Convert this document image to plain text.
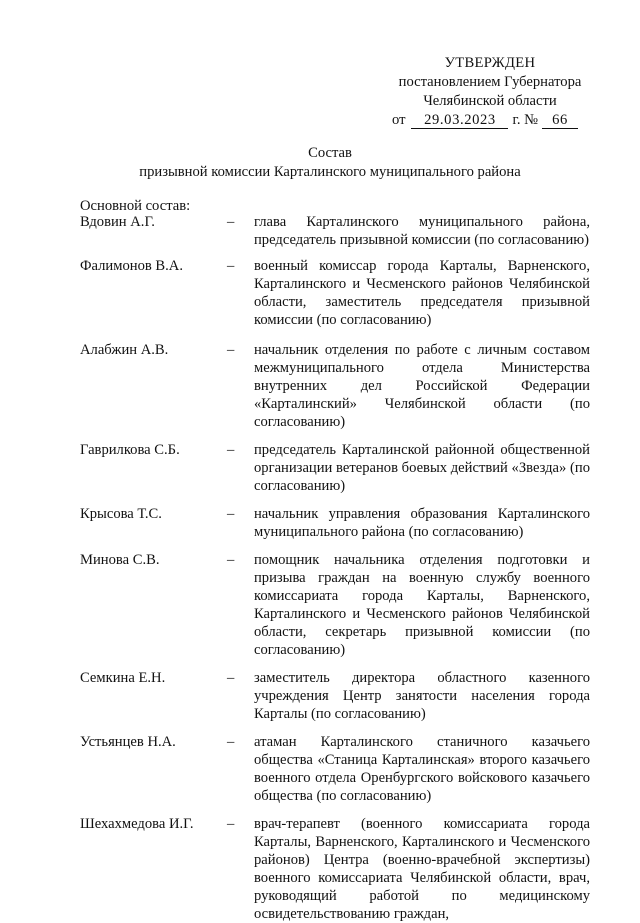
УТВЕРЖДЕН
постановлением Губернатора
Челябинской области
от 29.03.2023 г. № 66
Состав
призывной комиссии Карталинского муниципального района
Основной состав:
Вдовин А.Г.	–	глава Карталинского муниципального района, председатель призывной комиссии (по согласованию)
Фалимонов В.А.	–	военный комиссар города Карталы, Варненского, Карталинского и Чесменского районов Челябинской области, заместитель председателя призывной комиссии (по согласованию)
Алабжин А.В.	–	начальник отделения по работе с личным составом межмуниципального отдела Министерства внутренних дел Российской Федерации «Карталинский» Челябинской области (по согласованию)
Гаврилкова С.Б.	–	председатель Карталинской районной общественной организации ветеранов боевых действий «Звезда» (по согласованию)
Крысова Т.С.	–	начальник управления образования Карталинского муниципального района (по согласованию)
Минова С.В.	–	помощник начальника отделения подготовки и призыва граждан на военную службу военного комиссариата города Карталы, Варненского, Карталинского и Чесменского районов Челябинской области, секретарь призывной комиссии (по согласованию)
Семкина Е.Н.	–	заместитель директора областного казенного учреждения Центр занятости населения города Карталы (по согласованию)
Устьянцев Н.А.	–	атаман Карталинского станичного казачьего общества «Станица Карталинская» второго казачьего военного отдела Оренбургского войскового казачьего общества (по согласованию)
Шехахмедова И.Г.	–	врач-терапевт (военного комиссариата города Карталы, Варненского, Карталинского и Чесменского районов) Центра (военно-врачебной экспертизы) военного комиссариата Челябинской области, врач, руководящий работой по медицинскому освидетельствованию граждан,
